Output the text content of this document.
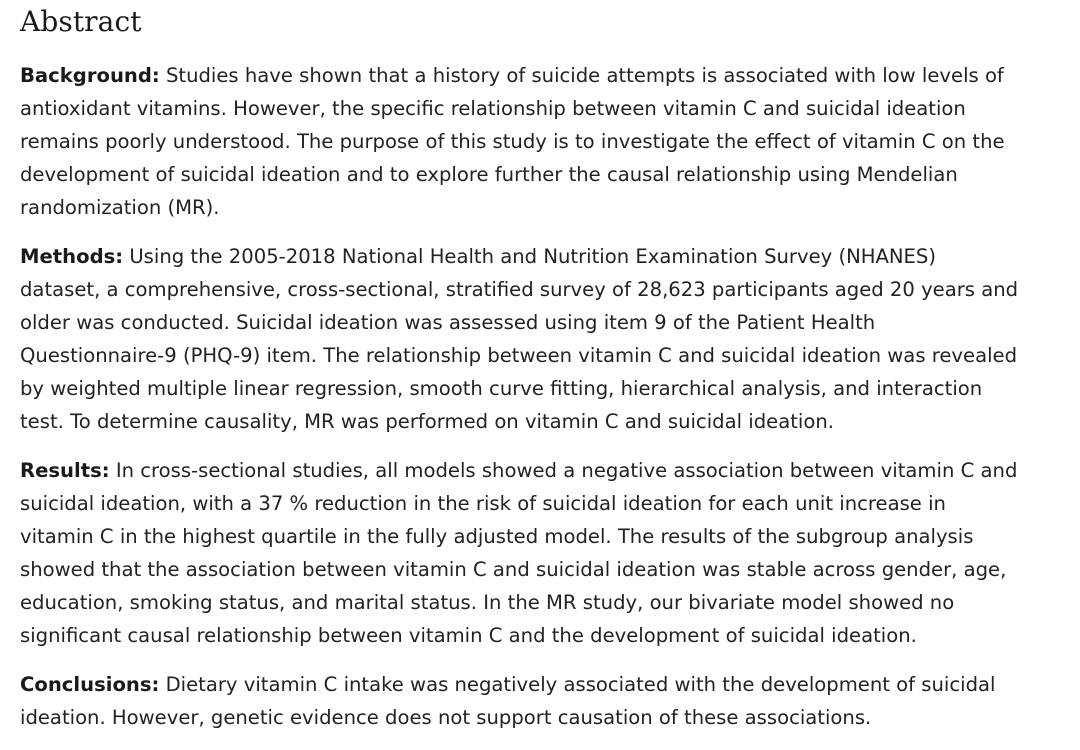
Abstract

Background: Studies have shown that a history of suicide attempts is associated with low levels of antioxidant vitamins. However, the specific relationship between vitamin C and suicidal ideation remains poorly understood. The purpose of this study is to investigate the effect of vitamin C on the development of suicidal ideation and to explore further the causal relationship using Mendelian randomization (MR).

Methods: Using the 2005-2018 National Health and Nutrition Examination Survey (NHANES) dataset, a comprehensive, cross-sectional, stratified survey of 28,623 participants aged 20 years and older was conducted. Suicidal ideation was assessed using item 9 of the Patient Health Questionnaire-9 (PHQ-9) item. The relationship between vitamin C and suicidal ideation was revealed by weighted multiple linear regression, smooth curve fitting, hierarchical analysis, and interaction test. To determine causality, MR was performed on vitamin C and suicidal ideation.

Results: In cross-sectional studies, all models showed a negative association between vitamin C and suicidal ideation, with a 37 % reduction in the risk of suicidal ideation for each unit increase in vitamin C in the highest quartile in the fully adjusted model. The results of the subgroup analysis showed that the association between vitamin C and suicidal ideation was stable across gender, age, education, smoking status, and marital status. In the MR study, our bivariate model showed no significant causal relationship between vitamin C and the development of suicidal ideation.

Conclusions: Dietary vitamin C intake was negatively associated with the development of suicidal ideation. However, genetic evidence does not support causation of these associations.
